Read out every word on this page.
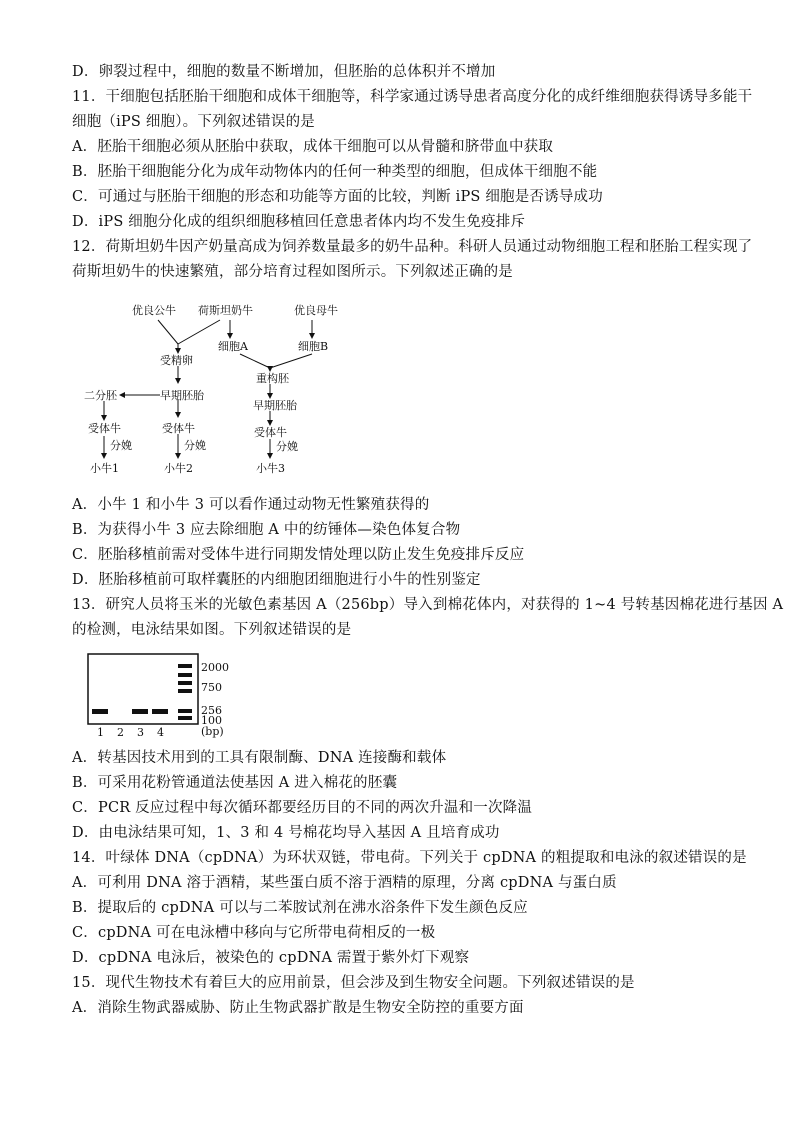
D．卵裂过程中，细胞的数量不断增加，但胚胎的总体积并不增加
11．干细胞包括胚胎干细胞和成体干细胞等，科学家通过诱导患者高度分化的成纤维细胞获得诱导多能干
细胞（iPS 细胞）。下列叙述错误的是
A．胚胎干细胞必须从胚胎中获取，成体干细胞可以从骨髓和脐带血中获取
B．胚胎干细胞能分化为成年动物体内的任何一种类型的细胞，但成体干细胞不能
C．可通过与胚胎干细胞的形态和功能等方面的比较，判断 iPS 细胞是否诱导成功
D．iPS 细胞分化成的组织细胞移植回任意患者体内均不发生免疫排斥
12．荷斯坦奶牛因产奶量高成为饲养数量最多的奶牛品种。科研人员通过动物细胞工程和胚胎工程实现了
荷斯坦奶牛的快速繁殖，部分培育过程如图所示。下列叙述正确的是
优良公牛 荷斯坦奶牛	优良母牛
细胞A	细胞B
受精卵
重构胚
二分胚	早期胚胎
早期胚胎
受体牛	受体牛	受体牛
分娩	分娩	分娩
小牛1	小牛2	小牛3
A．小牛 1 和小牛 3 可以看作通过动物无性繁殖获得的
B．为获得小牛 3 应去除细胞 A 中的纺锤体—染色体复合物
C．胚胎移植前需对受体牛进行同期发情处理以防止发生免疫排斥反应
D．胚胎移植前可取样囊胚的内细胞团细胞进行小牛的性别鉴定
13．研究人员将玉米的光敏色素基因 A（256bp）导入到棉花体内，对获得的 1~4 号转基因棉花进行基因 A
的检测，电泳结果如图。下列叙述错误的是
2000
750
256
100
(bp)
1 2 3 4
A．转基因技术用到的工具有限制酶、DNA 连接酶和载体
B．可采用花粉管通道法使基因 A 进入棉花的胚囊
C．PCR 反应过程中每次循环都要经历目的不同的两次升温和一次降温
D．由电泳结果可知，1、3 和 4 号棉花均导入基因 A 且培育成功
14．叶绿体 DNA（cpDNA）为环状双链，带电荷。下列关于 cpDNA 的粗提取和电泳的叙述错误的是
A．可利用 DNA 溶于酒精，某些蛋白质不溶于酒精的原理，分离 cpDNA 与蛋白质
B．提取后的 cpDNA 可以与二苯胺试剂在沸水浴条件下发生颜色反应
C．cpDNA 可在电泳槽中移向与它所带电荷相反的一极
D．cpDNA 电泳后，被染色的 cpDNA 需置于紫外灯下观察
15．现代生物技术有着巨大的应用前景，但会涉及到生物安全问题。下列叙述错误的是
A．消除生物武器威胁、防止生物武器扩散是生物安全防控的重要方面
